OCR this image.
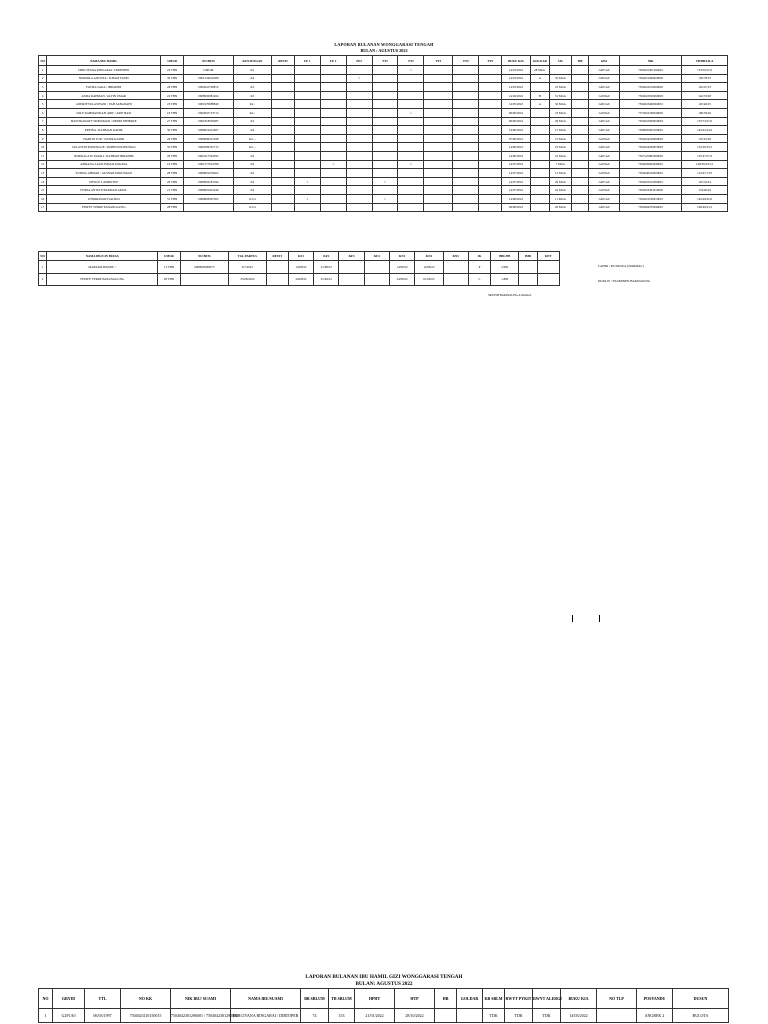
LAPORAN BULANAN WONGGARASI TENGAH
BULAN : AGUSTUS 2022
NO	NAMA IBU HAMIL	UMUR	NO BPJS	KUNJUNGAN	RESTI	FE 1	FE 2	FE3	TT1	TT2	TT3	TT4	TT5	BUKU KIA	GOLD AR	UK	HB	GPA	NIK	TB/BB/LILA
1	DERCIYANA RINGARAI / DIRTOPER	24 THN	UMUM	K1						√				14/03/2022	28 MGG			G2P1A0	7504022301294001	155/56/27,0
2	NURMILA ANTUNA / ILHAM YASIN	39 THN	0001234616589	K4				√						14/03/2022	A	32 MGG		G3P2A0	7504021099920002	150/78/33
3	FATMA SAKA / IBRAHIM	26 THN	0002941790872	K3										14/03/2022		10 MGG		G2P1A0	7504022019490002	145/47/33
4	ASMA RAHMAN / ALFIN UMAR	24 THN	0008930981264	K3										14/04/2022	B	31 MGG		G1P0A0	7504022810990003	142/53/28
5	ANDRIYSTA ASIYANI / YAH SABANAHI	23 THN	0001970088840	K2 -										14/05/2022	A	32 MGG		G2P1A0	7504023466960001	145/46/25
6	SOLY RAHMAN/RAFI ARIF / ARIF HASI	18 THN	0002667153713	K2 -						√				09/06/2022		23 MGG		G1P0A0	7575010180040002	160/59/26
7	HASTIKAWATY MOHAMAD / DEDRI SEHERKE	27 THN	0001818050087	K3										09/06/2022		29 MGG		G2P1A0	7504022909950003	155/72/27,0
8	ERFINA / RAHMAN KADIR	30 THN	0008919241007	K2										14/06/2022		15 MGG		G2P1A0	7508095903160001	145/42/23,0
9	HARTIN TUR / NASIR KADIR	26 THN	0008999541598	K2 --										07/06/2022		21 MGG		G1P0A0	7504024109990003	155/61/28
10	SULASTRI PODUNGGE / ROBIN POLIHUNGO	35 THN	0002009761715	K2 --										14/06/2022		19 MGG		G2P1A0	7504024209870003	152/36/33,5
11	NORSIALA H. PAKILI / RAHMAT IBRAHIM	29 THN	0002417594392	K2										14/06/2022		16 MGG		G2P1A0	7505125802090003	155/47/27,0
12	APRIANA LAUD ISMAIL PAKAYA	19 THN	0001577623786	K2			√			√				14/07/2022		7 MGG		G1P0A0	7504026604040001	148/39,9/25,5
13	YUPING AHMAD / GUSNAR PODUNGGE	28 THN	0008991076402	K2										14/07/2022		12 MGG		G1P0A0	7504046410920001	152/47,7/23
14	DEWCE LAMBOTUE	29 THN	0008994181594	K2		√			√					14/07/2022		29 MGG		G2P1A0	7504025912090001	145/32/24
15	FITRIA ANTULE/PARMAN AKUIL	21 THN	0008991641046	K2										14/07/2022		24 MGG		G1P0A0	7504024303010002	154/46/29
16	WINDRAWATI SALIKO	31 THN	0008993097302	K1/4		√			√					14/08/2022		11 MGG		G2P1A0	7504023106810001	162/49/32,0
17	FEMYE VERRE PANANGGUNG	28 THN		K1/4										09/08/2022		26 MGG		G2P1A0	7504064703940001	160/49/23,5
NO	NAMA IBU/LIN BUFAS	UMUR	NO BPJS	TGL PARTUS	RESTI	KF1	KF2	KF3	KF4	KN1	KN2	KN3	JK	BBL/PB	IMD	KET
1	MARYAM HADIJU /	13 THN	0008993669075	6/7/2022		14/08/22	21/08/22			14/08/22	14/08/22		P	2.900		
2	FEMYE VERRE PANANGGUNG	28 THN		23/08/2022		24/08/22	01/09/22			24/08/22	01/09/22		L	1.800		
LAHIR : RS PANUA (NORMAL)
DUKUN : YASMINEN BAKINAUNG
SR.PISH BAKINAUNG A.Md.Keb
LAPORAN BULANAN IBU HAMIL GIZI WONGGARASI TENGAH
BULAN: AGUSTUS 2022
NO	GRYID	TTL	NO KK	NIK IBU/ SUAMI	NAMA IBU/SUAMI	BB SBLUM	TB SBLUM	HPHT	HTP	HB	GOLDAR	KB SBLM	RWYT PYKIT	RWYT ALERGI	BUKU KIA	NO TLP	POSYANDU	DUSUN
1	G2P1A0	06/03/1997	7504023110150015	7504042301296001 / 7504042301290002	DERCIYANA RINGARAI / DIRTOPER	74	153	21/01/2022	28/10/2022			TDK	TDK	TDK	14/03/2022		ANGREK 2	BULOTA
